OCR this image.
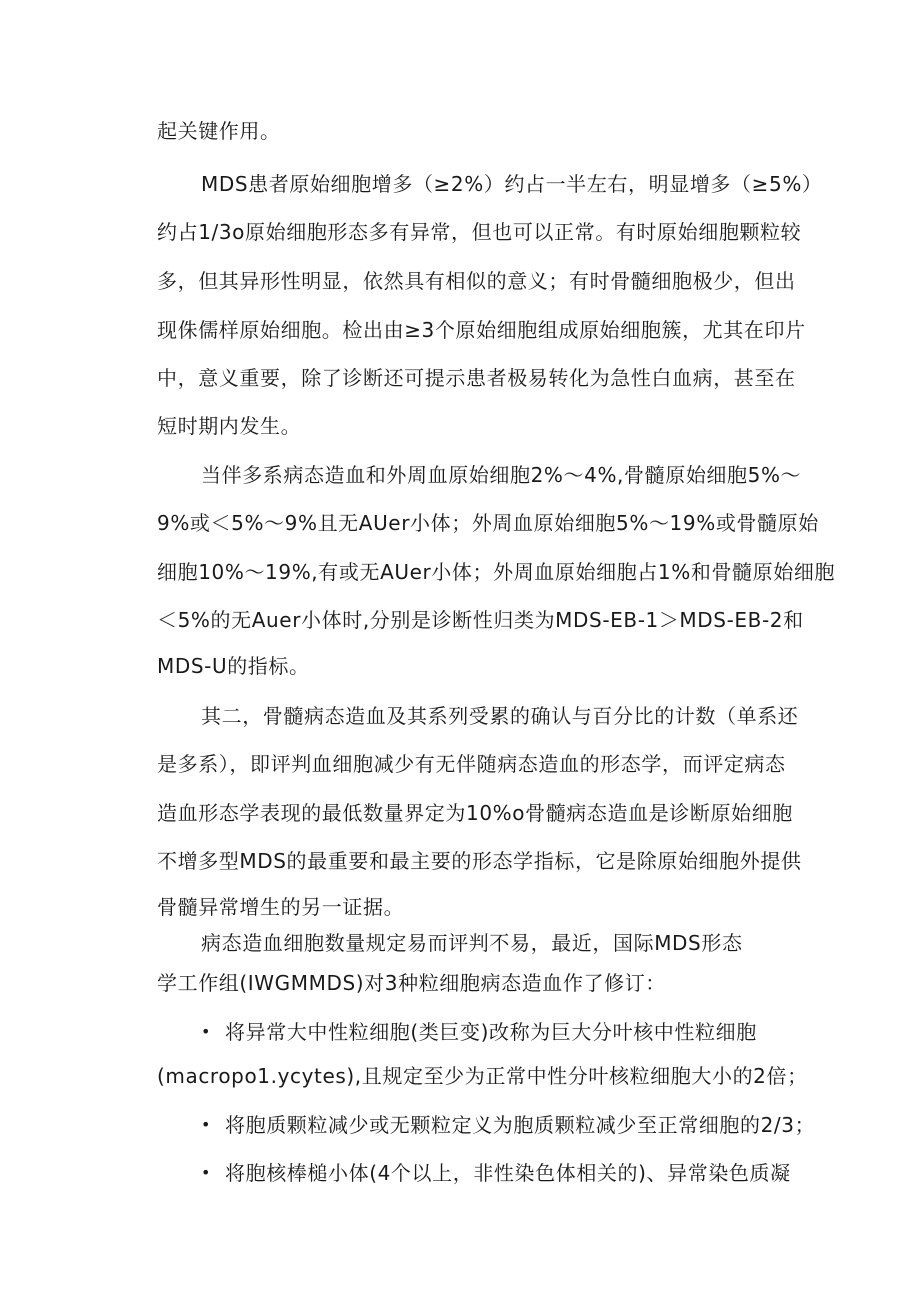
起关键作用。
MDS患者原始细胞增多（≥2%）约占一半左右，明显增多（≥5%）
约占1/3o原始细胞形态多有异常，但也可以正常。有时原始细胞颗粒较
多，但其异形性明显，依然具有相似的意义；有时骨髓细胞极少，但出
现侏儒样原始细胞。检出由≥3个原始细胞组成原始细胞簇，尤其在印片
中，意义重要，除了诊断还可提示患者极易转化为急性白血病，甚至在
短时期内发生。
当伴多系病态造血和外周血原始细胞2%～4%,骨髓原始细胞5%～
9%或＜5%～9%且无AUer小体；外周血原始细胞5%～19%或骨髓原始
细胞10%～19%,有或无AUer小体；外周血原始细胞占1%和骨髓原始细胞
＜5%的无Auer小体时,分别是诊断性归类为MDS-EB-1＞MDS-EB-2和
MDS-U的指标。
其二，骨髓病态造血及其系列受累的确认与百分比的计数（单系还
是多系），即评判血细胞减少有无伴随病态造血的形态学，而评定病态
造血形态学表现的最低数量界定为10%o骨髓病态造血是诊断原始细胞
不增多型MDS的最重要和最主要的形态学指标，它是除原始细胞外提供
骨髓异常增生的另一证据。
病态造血细胞数量规定易而评判不易，最近，国际MDS形态
学工作组(IWGMMDS)对3种粒细胞病态造血作了修订：
• 将异常大中性粒细胞(类巨变)改称为巨大分叶核中性粒细胞
(macropo1.ycytes),且规定至少为正常中性分叶核粒细胞大小的2倍；
• 将胞质颗粒减少或无颗粒定义为胞质颗粒减少至正常细胞的2/3；
• 将胞核棒槌小体(4个以上，非性染色体相关的)、异常染色质凝
